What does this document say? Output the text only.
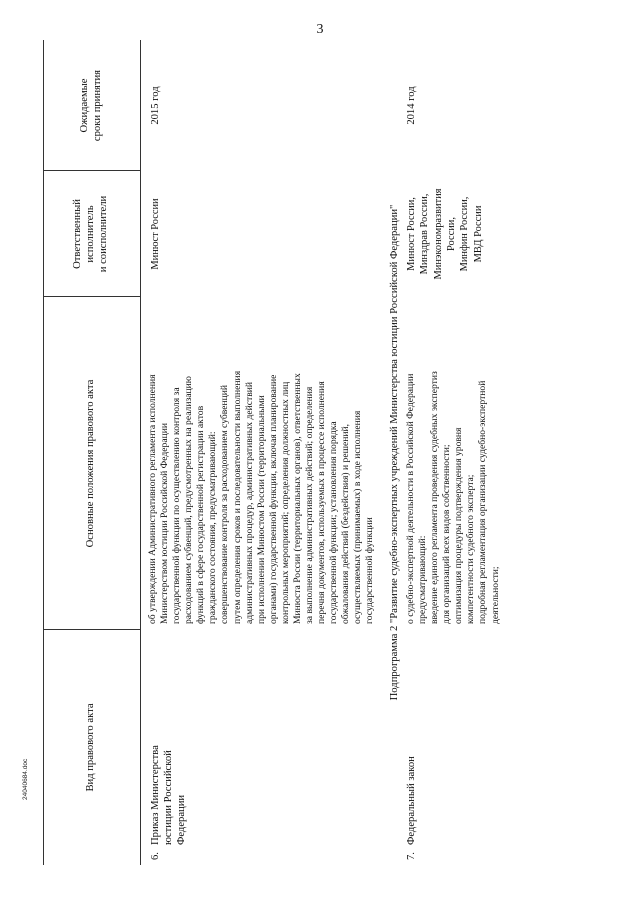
3
Вид правового акта
Основные положения правового акта
Ответственный исполнитель и соисполнители
Ожидаемые сроки принятия
6.
Приказ Министерства юстиции Российской Федерации
об утверждении Административного регламента исполнения Министерством юстиции Российской Федерации государственной функции по осуществлению контроля за расходованием субвенций, предусмотренных на реализацию функций в сфере государственной регистрации актов гражданского состояния, предусматривающий: совершенствование контроля за расходованием субвенций путем определения сроков и последовательности выполнения административных процедур, административных действий при исполнении Минюстом России (территориальными органами) государственной функции, включая планирование контрольных мероприятий; определения должностных лиц Минюста России (территориальных органов), ответственных за выполнение административных действий; определения перечня документов, используемых в процессе исполнения государственной функции; установления порядка обжалования действий (бездействия) и решений, осуществляемых (принимаемых) в ходе исполнения государственной функции
Минюст России
2015 год
Подпрограмма 2 "Развитие судебно-экспертных учреждений Министерства юстиции Российской Федерации"
7.
Федеральный закон
о судебно-экспертной деятельности в Российской Федерации предусматривающий: введение единого регламента проведения судебных экспертиз для организаций всех видов собственности; оптимизация процедуры подтверждения уровня компетентности судебного эксперта; подробная регламентация организации судебно-экспертной деятельности;
Минюст России, Минздрав России, Минэкономразвития России, Минфин России, МВД России
2014 год
24040684.doc
